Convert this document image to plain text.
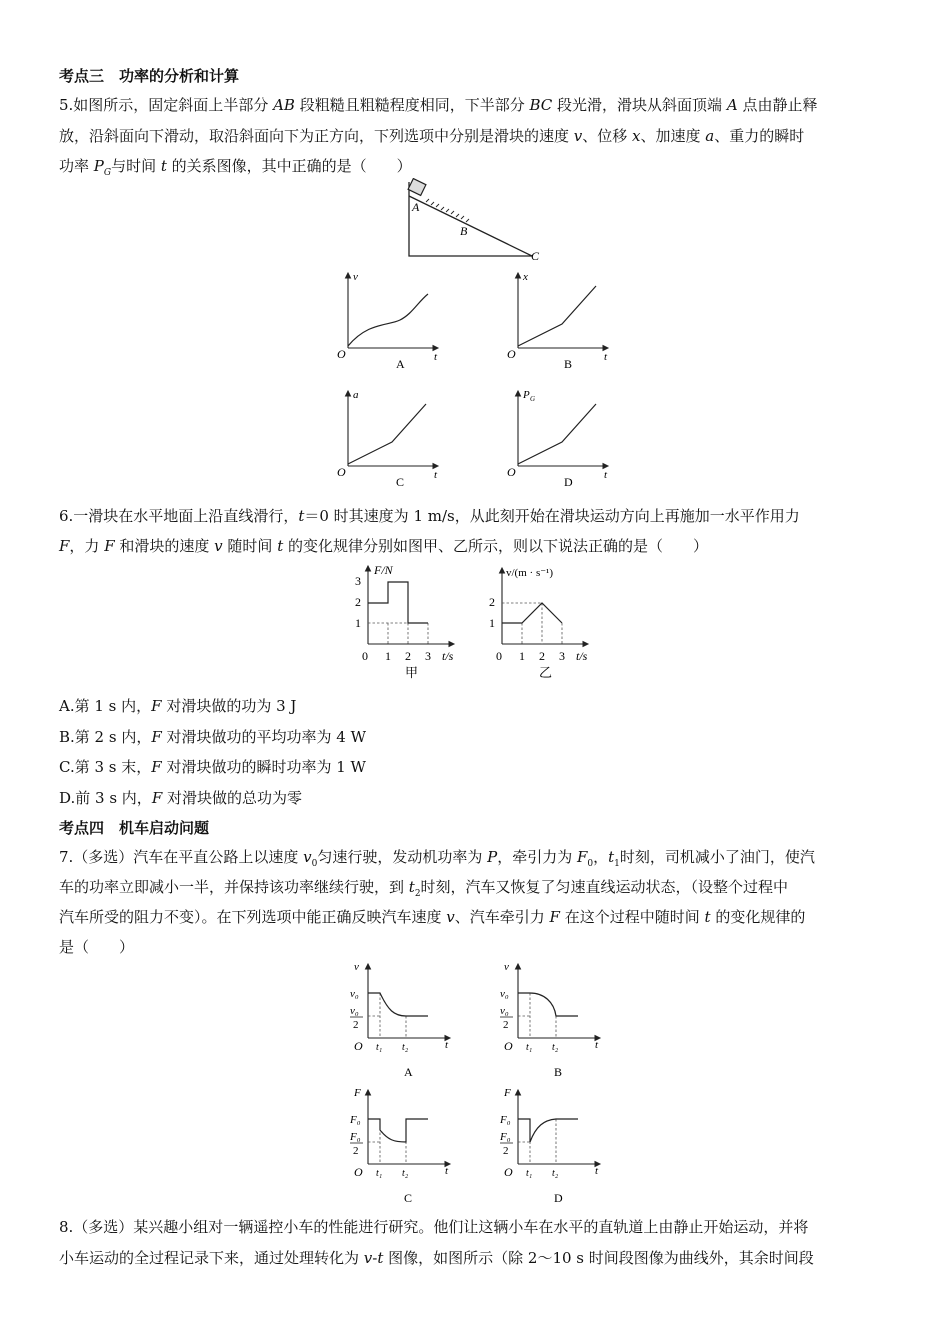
考点三　功率的分析和计算
5.如图所示，固定斜面上半部分 AB 段粗糙且粗糙程度相同，下半部分 BC 段光滑，滑块从斜面顶端 A 点由静止释
放，沿斜面向下滑动，取沿斜面向下为正方向，下列选项中分别是滑块的速度 v、位移 x、加速度 a、重力的瞬时
功率 $P_G$与时间 t 的关系图像，其中正确的是（　　）
A
B
C
v
O	t
A
x
O	t
B
a
O	t
C
P G
O	t
D
6.一滑块在水平地面上沿直线滑行，t＝0 时其速度为 1 m/s，从此刻开始在滑块运动方向上再施加一水平作用力
F，力 F 和滑块的速度 v 随时间 t 的变化规律分别如图甲、乙所示，则以下说法正确的是（　　）
1
2
3
0 1 2 3
F/N
t/s
甲
1
2
0 1 2 3
v/(m · s⁻¹)
t/s
乙
A.第 1 s 内，F 对滑块做的功为 3 J
B.第 2 s 内，F 对滑块做功的平均功率为 4 W
C.第 3 s 末，F 对滑块做功的瞬时功率为 1 W
D.前 3 s 内，F 对滑块做的总功为零
考点四　机车启动问题
7.（多选）汽车在平直公路上以速度 $v_0$匀速行驶，发动机功率为 P，牵引力为 $F_0$，$t_1$时刻，司机减小了油门，使汽
车的功率立即减小一半，并保持该功率继续行驶，到 $t_2$时刻，汽车又恢复了匀速直线运动状态，（设整个过程中
汽车所受的阻力不变）。在下列选项中能正确反映汽车速度 v、汽车牵引力 F 在这个过程中随时间 t 的变化规律的
是（　　）
v
v₀
v₀
2
O t₁ t₂	t
A
v
v₀
v₀
2
O t₁ t₂	t
B
F
F₀
F₀
2
O t₁ t₂	t
C
F
F₀
F₀
2
O t₁ t₂	t
D
8.（多选）某兴趣小组对一辆遥控小车的性能进行研究。他们让这辆小车在水平的直轨道上由静止开始运动，并将
小车运动的全过程记录下来，通过处理转化为 v-t 图像，如图所示（除 2～10 s 时间段图像为曲线外，其余时间段
